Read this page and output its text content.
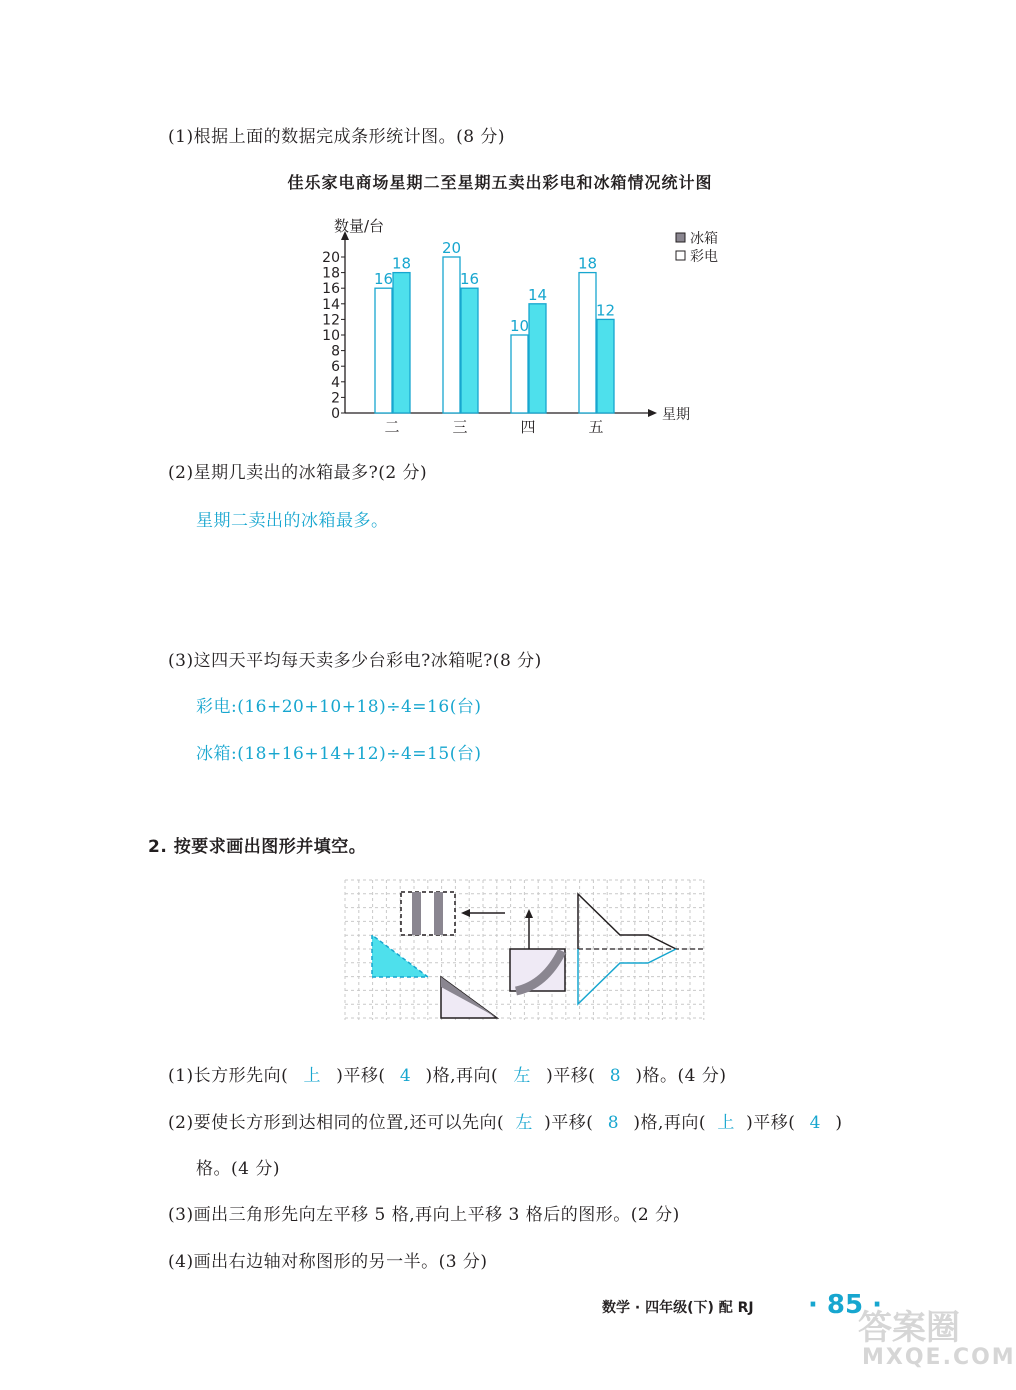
(1)根据上面的数据完成条形统计图。(8 分)
佳乐家电商场星期二至星期五卖出彩电和冰箱情况统计图
数量/台
星期
0
2
4
6
8
10
12
14
16
18
20
16
18
二
20
16
三
10
14
四
18
12
五
冰箱
彩电
(2)星期几卖出的冰箱最多?(2 分)
星期二卖出的冰箱最多。
(3)这四天平均每天卖多少台彩电?冰箱呢?(8 分)
彩电:(16+20+10+18)÷4=16(台)
冰箱:(18+16+14+12)÷4=15(台)
2. 按要求画出图形并填空。
(1)长方形先向( 上 )平移( 4 )格,再向( 左 )平移( 8 )格。(4 分)
(2)要使长方形到达相同的位置,还可以先向( 左 )平移( 8 )格,再向( 上 )平移( 4 )
格。(4 分)
(3)画出三角形先向左平移 5 格,再向上平移 3 格后的图形。(2 分)
(4)画出右边轴对称图形的另一半。(3 分)
数学 · 四年级(下) 配 RJ · 85 ·
答案圈
MXQE.COM
